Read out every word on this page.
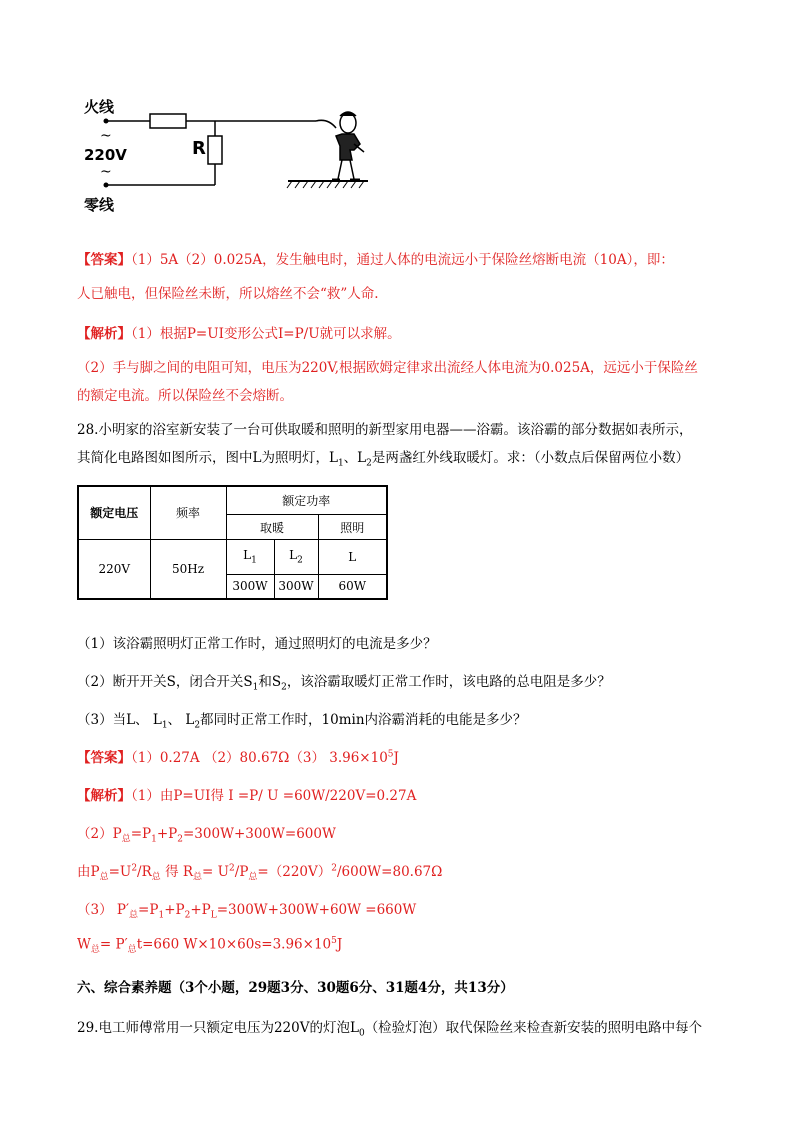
火线
~
220V
~
零线
R
【答案】（1）5A（2）0.025A，发生触电时，通过人体的电流远小于保险丝熔断电流（10A），即：
人已触电，但保险丝未断，所以熔丝不会“救”人命.
【解析】（1）根据P=UI变形公式I=P/U就可以求解。
（2）手与脚之间的电阻可知，电压为220V,根据欧姆定律求出流经人体电流为0.025A，远远小于保险丝
的额定电流。所以保险丝不会熔断。
28.小明家的浴室新安装了一台可供取暖和照明的新型家用电器——浴霸。该浴霸的部分数据如表所示，
其简化电路图如图所示，图中L为照明灯，$L_1$、$L_2$是两盏红外线取暖灯。求：（小数点后保留两位小数）
额定电压	频率	额定功率		
		取暖		照明
220V	50Hz	$L_1$	$L_2$	L
		300W	300W	60W
（1）该浴霸照明灯正常工作时，通过照明灯的电流是多少？
（2）断开开关S，闭合开关$S_1$和$S_2$，该浴霸取暖灯正常工作时，该电路的总电阻是多少？
（3）当L、 $L_1$、 $L_2$都同时正常工作时，10min内浴霸消耗的电能是多少？
【答案】（1）0.27A （2）80.67Ω（3） $3.96\times 10^5J$
【解析】（1）由P=UI得 I =P/ U =60W/220V=0.27A
$(2)P_总=P_1+P_2=300W+300W=600W$
由$P_总=U^2/R_总$ 得 $R_总= U^2/P_总=(220V)^2/600W=80.67\Omega$
（3） $P'_总=P_1+P_2+P_L=300W+300W+60W =660W$
$W_总= P'_总t=660$ $W\times 10\times 60s=3.96\times 10^5J$
六、综合素养题（3个小题，29题3分、30题6分、31题4分，共13分）
29.电工师傅常用一只额定电压为220V的灯泡$L_0$（检验灯泡）取代保险丝来检查新安装的照明电路中每个
